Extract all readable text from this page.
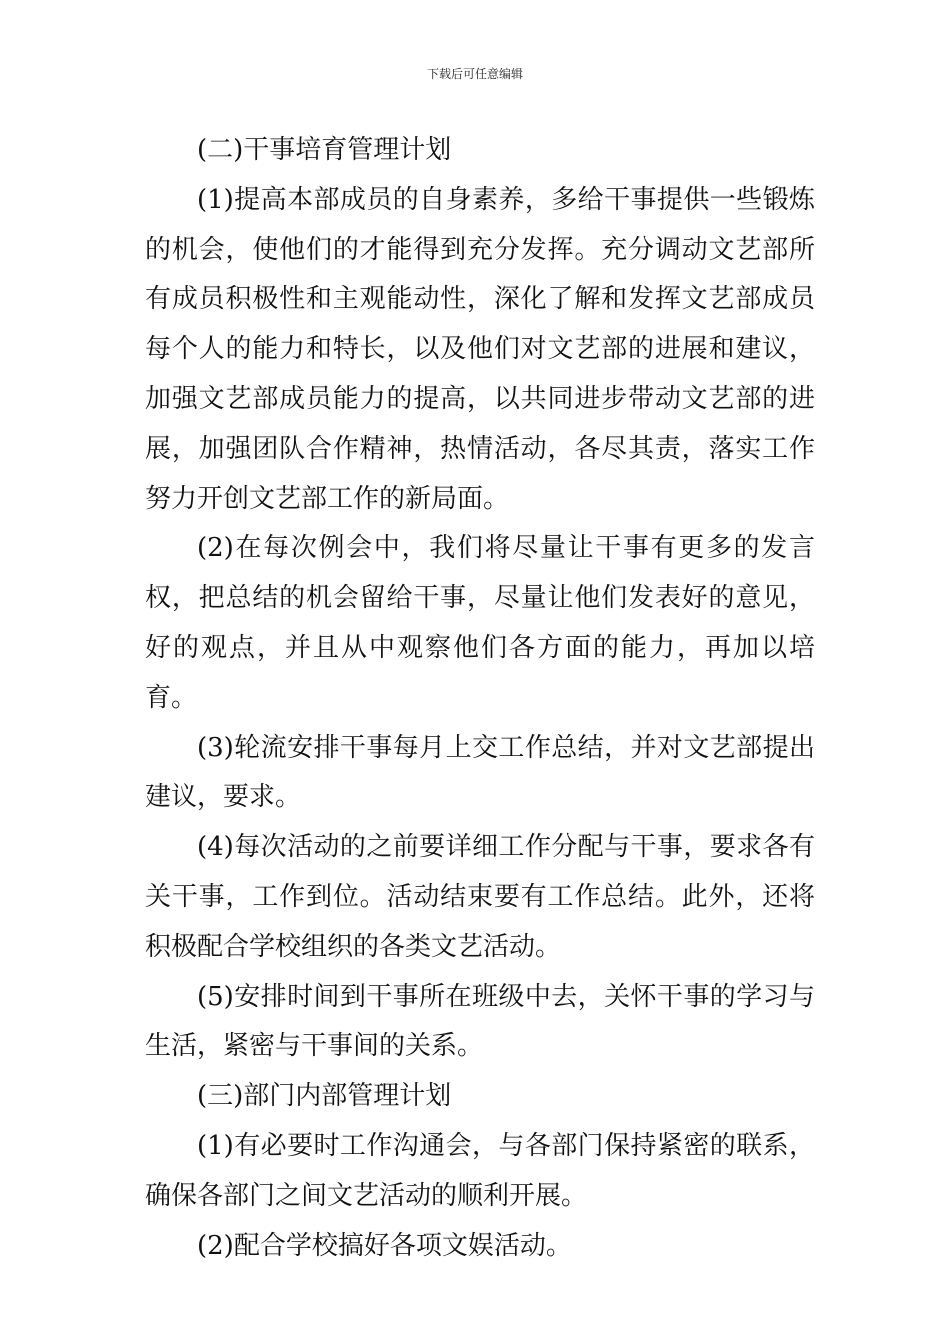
下载后可任意编辑

(二)干事培育管理计划

(1)提高本部成员的自身素养，多给干事提供一些锻炼的机会，使他们的才能得到充分发挥。充分调动文艺部所有成员积极性和主观能动性，深化了解和发挥文艺部成员每个人的能力和特长，以及他们对文艺部的进展和建议，加强文艺部成员能力的提高，以共同进步带动文艺部的进展，加强团队合作精神，热情活动，各尽其责，落实工作努力开创文艺部工作的新局面。

(2)在每次例会中，我们将尽量让干事有更多的发言权，把总结的机会留给干事，尽量让他们发表好的意见，好的观点，并且从中观察他们各方面的能力，再加以培育。

(3)轮流安排干事每月上交工作总结，并对文艺部提出建议，要求。

(4)每次活动的之前要详细工作分配与干事，要求各有关干事，工作到位。活动结束要有工作总结。此外，还将积极配合学校组织的各类文艺活动。

(5)安排时间到干事所在班级中去，关怀干事的学习与生活，紧密与干事间的关系。

(三)部门内部管理计划

(1)有必要时工作沟通会，与各部门保持紧密的联系，确保各部门之间文艺活动的顺利开展。

(2)配合学校搞好各项文娱活动。
